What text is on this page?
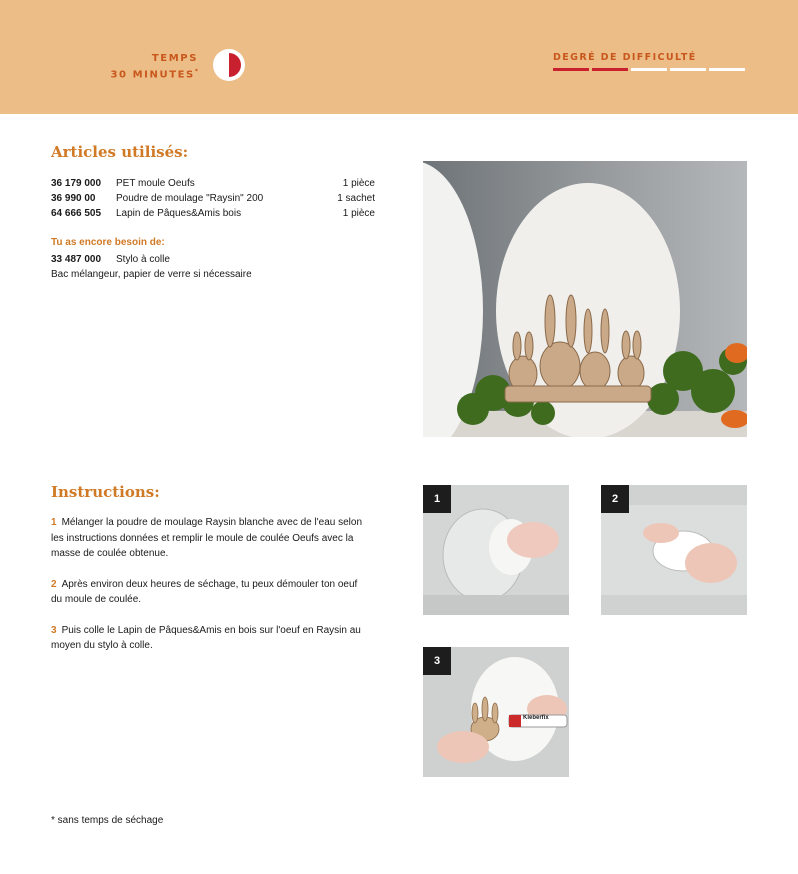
TEMPS
30 MINUTES*
DEGRÉ DE DIFFICULTÉ
Articles utilisés:
36 179 000	PET moule Oeufs	1 pièce
36 990 00	Poudre de moulage "Raysin" 200	1 sachet
64 666 505	Lapin de Pâques&Amis bois	1 pièce
Tu as encore besoin de:
33 487 000	Stylo à colle
Bac mélangeur, papier de verre si nécessaire
Instructions:

1 Mélanger la poudre de moulage Raysin blanche avec de l'eau selon les instructions données et remplir le moule de coulée Oeufs avec la masse de coulée obtenue.

2 Après environ deux heures de séchage, tu peux démouler ton oeuf du moule de coulée.

3 Puis colle le Lapin de Pâques&Amis en bois sur l'oeuf en Raysin au moyen du stylo à colle.

1	2
Kleberfix
3
* sans temps de séchage
